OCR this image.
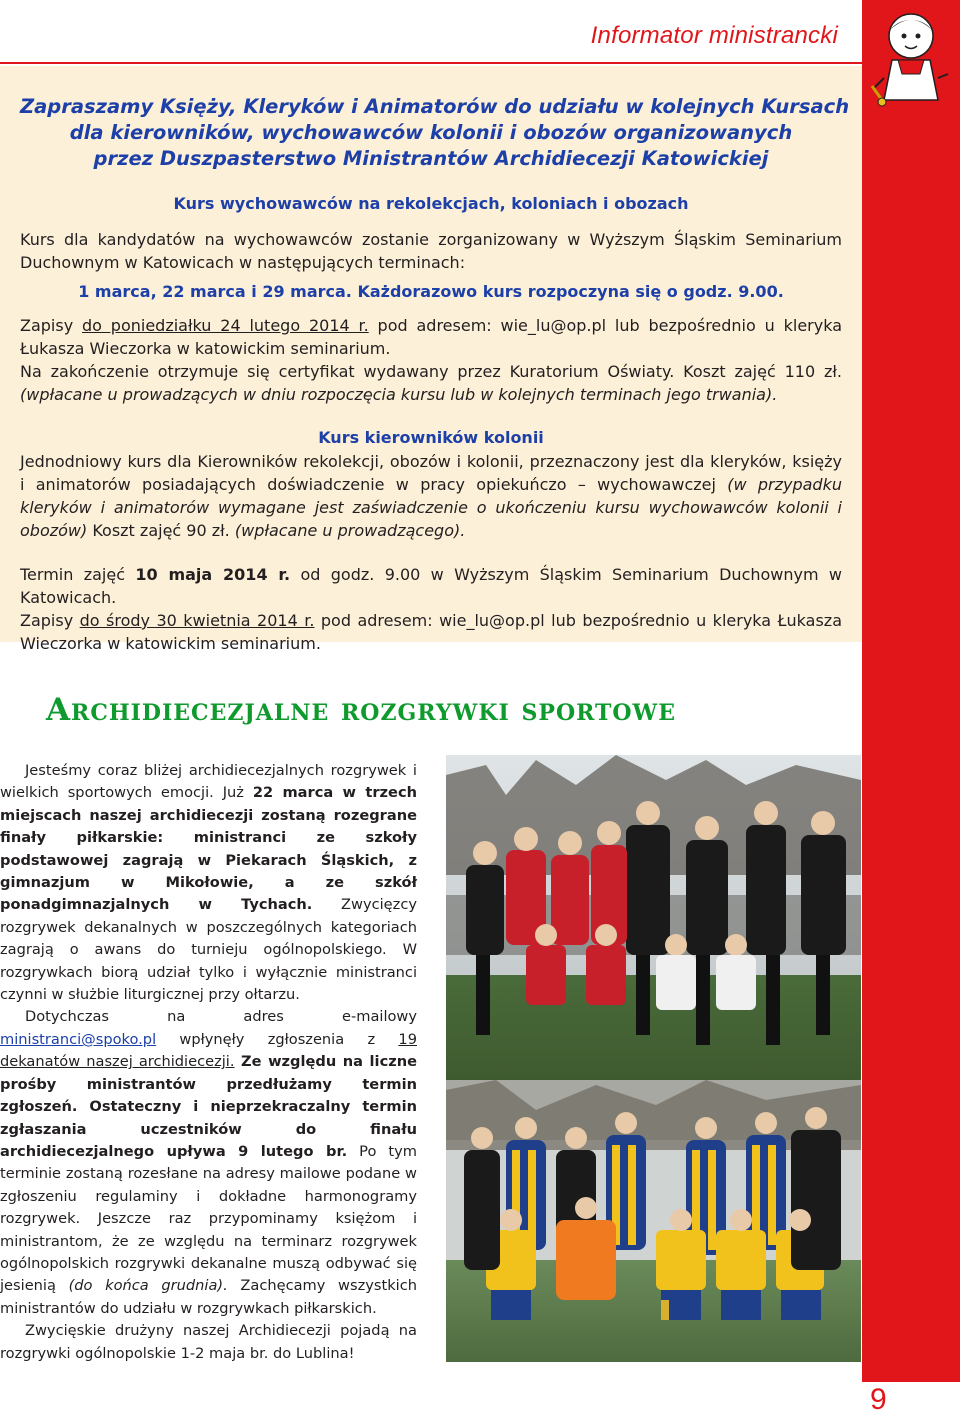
Informator ministrancki
Zapraszamy Księży, Kleryków i Animatorów do udziału w kolejnych Kursach
dla kierowników, wychowawców kolonii i obozów organizowanych
przez Duszpasterstwo Ministrantów Archidiecezji Katowickiej
Kurs wychowawców na rekolekcjach, koloniach i obozach
Kurs dla kandydatów na wychowawców zostanie zorganizowany w Wyższym Śląskim Seminarium Duchownym w Katowicach w następujących terminach:
1 marca, 22 marca i 29 marca. Każdorazowo kurs rozpoczyna się o godz. 9.00.
Zapisy do poniedziałku 24 lutego 2014 r. pod adresem: wie_lu@op.pl lub bezpośrednio u kleryka Łukasza Wieczorka w katowickim seminarium.
Na zakończenie otrzymuje się certyfikat wydawany przez Kuratorium Oświaty. Koszt zajęć 110 zł. (wpłacane u prowadzących w dniu rozpoczęcia kursu lub w kolejnych terminach jego trwania).
Kurs kierowników kolonii
Jednodniowy kurs dla Kierowników rekolekcji, obozów i kolonii, przeznaczony jest dla kleryków, księży i animatorów posiadających doświadczenie w pracy opiekuńczo – wychowawczej (w przypadku kleryków i animatorów wymagane jest zaświadczenie o ukończeniu kursu wychowawców kolonii i obozów) Koszt zajęć 90 zł. (wpłacane u prowadzącego).
Termin zajęć 10 maja 2014 r. od godz. 9.00 w Wyższym Śląskim Seminarium Duchownym w Katowicach.
Zapisy do środy 30 kwietnia 2014 r. pod adresem: wie_lu@op.pl lub bezpośrednio u kleryka Łukasza Wieczorka w katowickim seminarium.
Archidiecezjalne rozgrywki sportowe

Jesteśmy coraz bliżej archidiecezjalnych rozgrywek i wielkich sportowych emocji. Już 22 marca w trzech miejscach naszej archidiecezji zostaną rozegrane finały piłkarskie: ministranci ze szkoły podstawowej zagrają w Piekarach Śląskich, z gimnazjum w Mikołowie, a ze szkół ponadgimnazjalnych w Tychach. Zwycięzcy rozgrywek dekanalnych w poszczególnych kategoriach zagrają o awans do turnieju ogólnopolskiego. W rozgrywkach biorą udział tylko i wyłącznie ministranci czynni w służbie liturgicznej przy ołtarzu.

Dotychczas na adres e-mailowy ministranci@spoko.pl wpłynęły zgłoszenia z 19 dekanatów naszej archidiecezji. Ze względu na liczne prośby ministrantów przedłużamy termin zgłoszeń. Ostateczny i nieprzekraczalny termin zgłaszania uczestników do finału archidiecezjalnego upływa 9 lutego br. Po tym terminie zostaną rozesłane na adresy mailowe podane w zgłoszeniu regulaminy i dokładne harmonogramy rozgrywek. Jeszcze raz przypominamy księżom i ministrantom, że ze względu na terminarz rozgrywek ogólnopolskich rozgrywki dekanalne muszą odbywać się jesienią (do końca grudnia). Zachęcamy wszystkich ministrantów do udziału w rozgrywkach piłkarskich.

Zwycięskie drużyny naszej Archidiecezji pojadą na rozgrywki ogólnopolskie 1-2 maja br. do Lublina!

9
